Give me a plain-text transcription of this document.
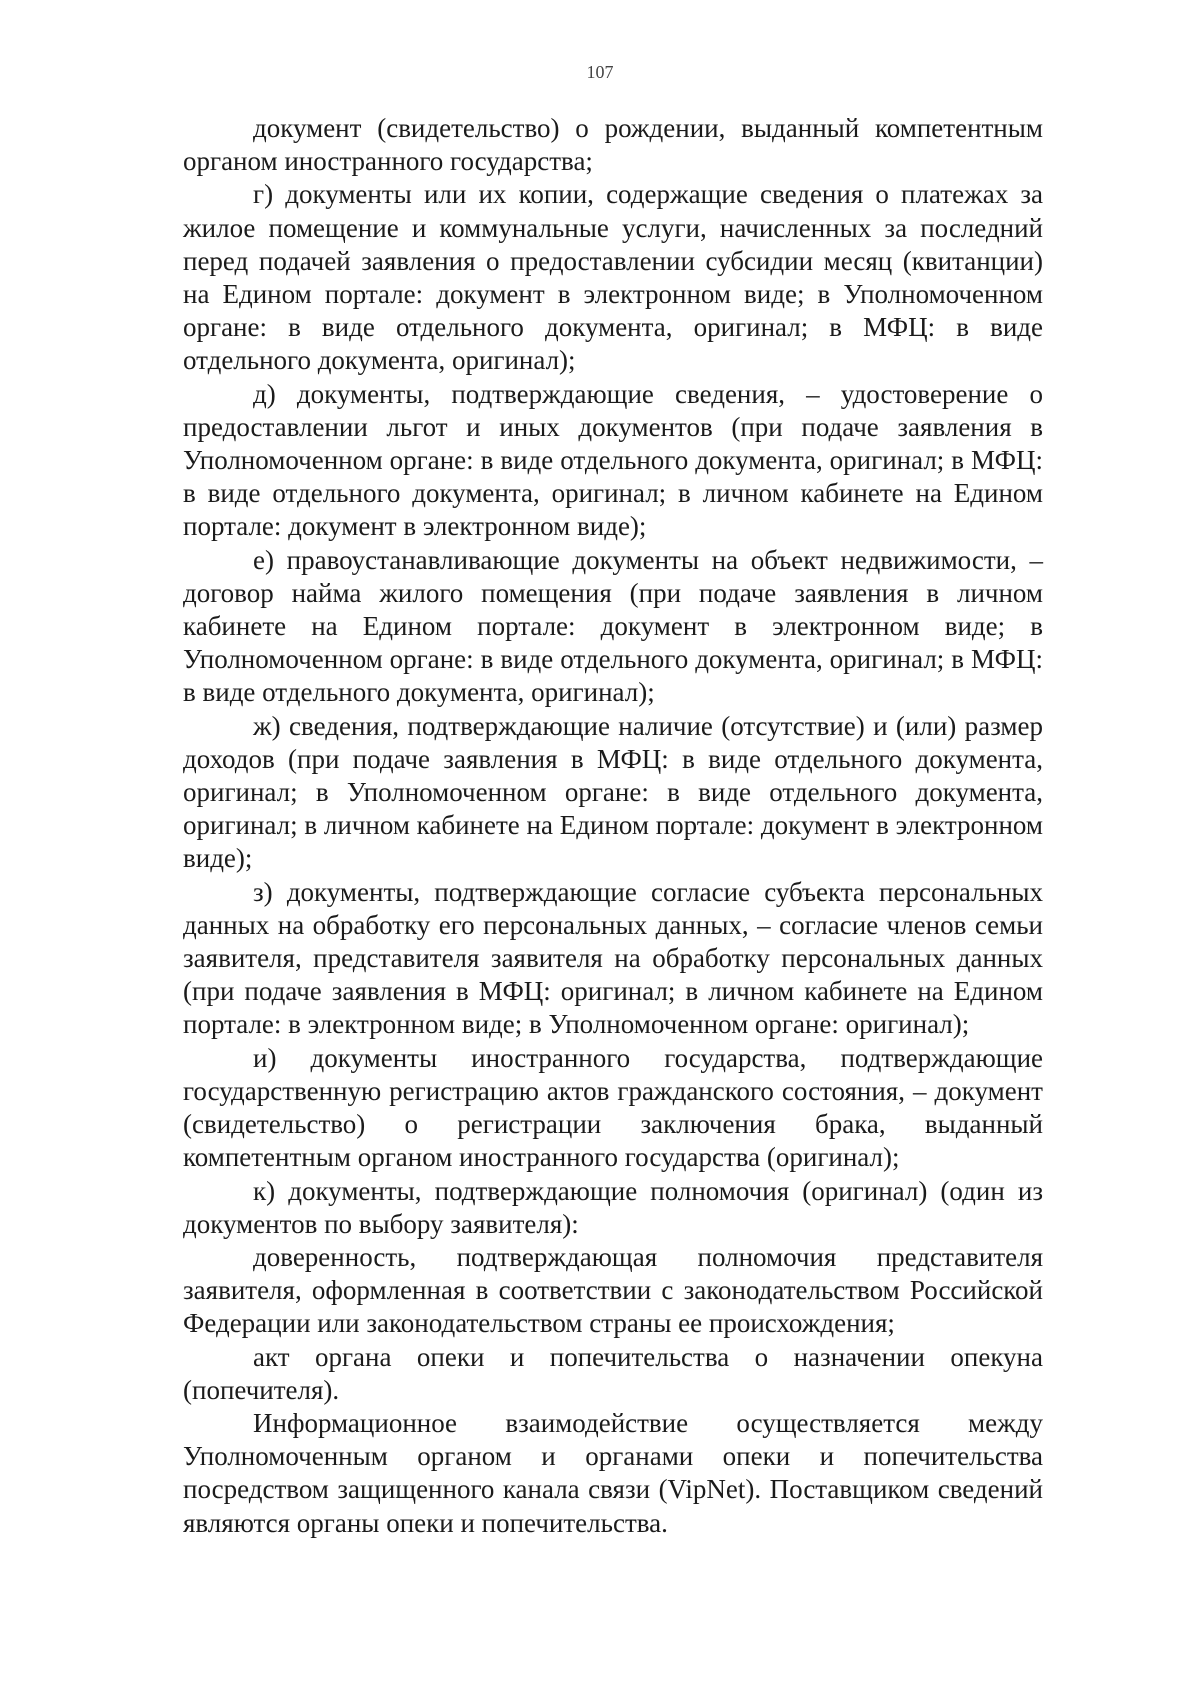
107

документ (свидетельство) о рождении, выданный компетентным органом иностранного государства;

г) документы или их копии, содержащие сведения о платежах за жилое помещение и коммунальные услуги, начисленных за последний перед подачей заявления о предоставлении субсидии месяц (квитанции) на Едином портале: документ в электронном виде; в Уполномоченном органе: в виде отдельного документа, оригинал; в МФЦ: в виде отдельного документа, оригинал);

д) документы, подтверждающие сведения, – удостоверение о предоставлении льгот и иных документов (при подаче заявления в Уполномоченном органе: в виде отдельного документа, оригинал; в МФЦ: в виде отдельного документа, оригинал; в личном кабинете на Едином портале: документ в электронном виде);

е) правоустанавливающие документы на объект недвижимости, – договор найма жилого помещения (при подаче заявления в личном кабинете на Едином портале: документ в электронном виде; в Уполномоченном органе: в виде отдельного документа, оригинал; в МФЦ: в виде отдельного документа, оригинал);

ж) сведения, подтверждающие наличие (отсутствие) и (или) размер доходов (при подаче заявления в МФЦ: в виде отдельного документа, оригинал; в Уполномоченном органе: в виде отдельного документа, оригинал; в личном кабинете на Едином портале: документ в электронном виде);

з) документы, подтверждающие согласие субъекта персональных данных на обработку его персональных данных, – согласие членов семьи заявителя, представителя заявителя на обработку персональных данных (при подаче заявления в МФЦ: оригинал; в личном кабинете на Едином портале: в электронном виде; в Уполномоченном органе: оригинал);

и) документы иностранного государства, подтверждающие государственную регистрацию актов гражданского состояния, – документ (свидетельство) о регистрации заключения брака, выданный компетентным органом иностранного государства (оригинал);

к) документы, подтверждающие полномочия (оригинал) (один из документов по выбору заявителя):

доверенность, подтверждающая полномочия представителя заявителя, оформленная в соответствии с законодательством Российской Федерации или законодательством страны ее происхождения;

акт органа опеки и попечительства о назначении опекуна (попечителя).

Информационное взаимодействие осуществляется между Уполномоченным органом и органами опеки и попечительства посредством защищенного канала связи (VipNet). Поставщиком сведений являются органы опеки и попечительства.
